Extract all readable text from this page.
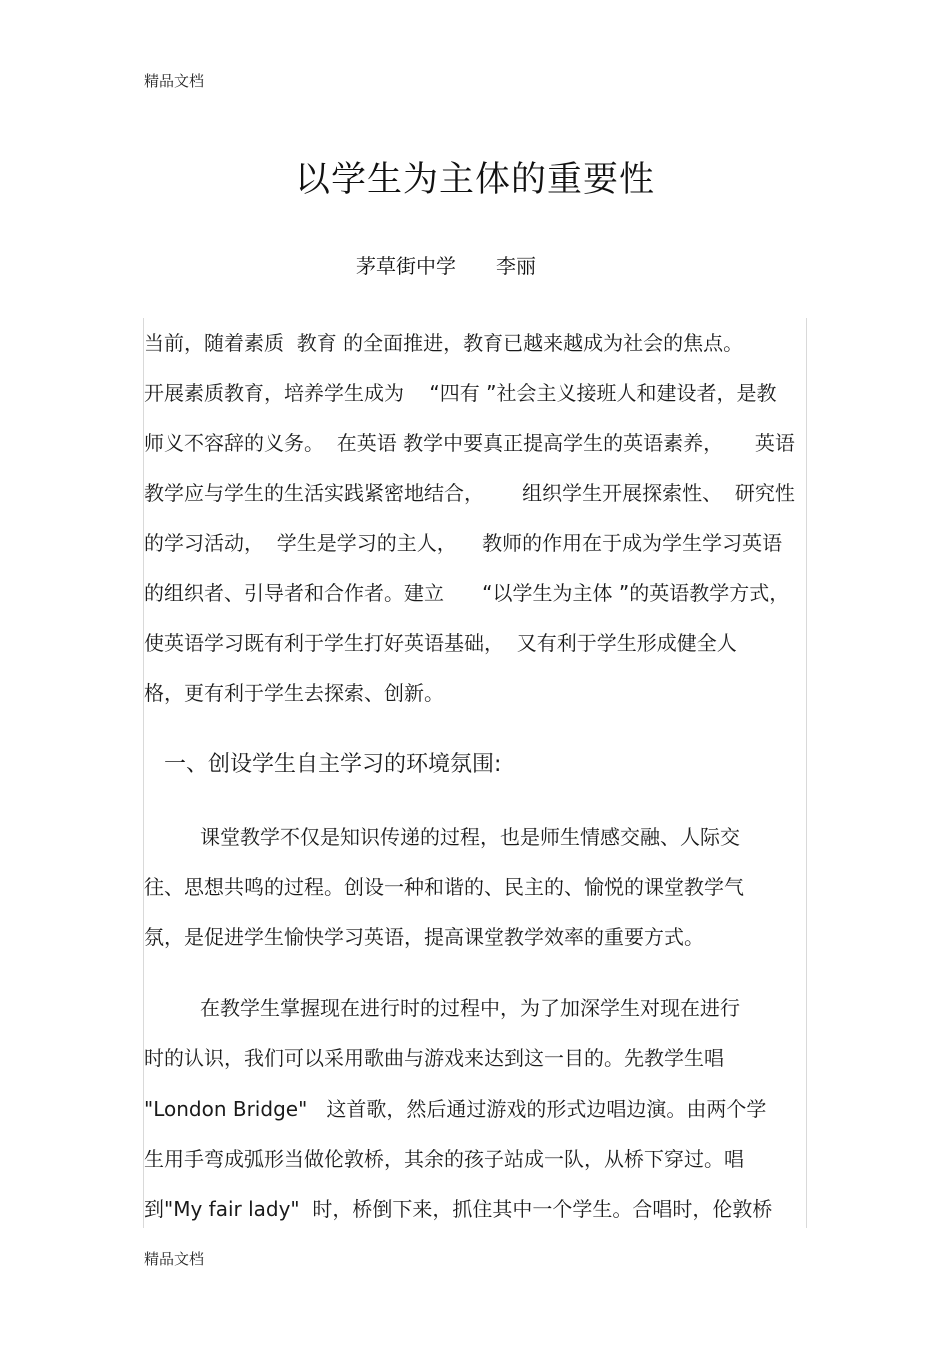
精品文档
以学生为主体的重要性
茅草街中学 李丽
当前，随着素质  教育 的全面推进，教育已越来越成为社会的焦点。
开展素质教育，培养学生成为    “四有 ”社会主义接班人和建设者，是教
师义不容辞的义务。  在英语 教学中要真正提高学生的英语素养，     英语
教学应与学生的生活实践紧密地结合，      组织学生开展探索性、  研究性
的学习活动，  学生是学习的主人，    教师的作用在于成为学生学习英语
的组织者、引导者和合作者。建立      “以学生为主体 ”的英语教学方式，
使英语学习既有利于学生打好英语基础，  又有利于学生形成健全人
格，更有利于学生去探索、创新。
一、创设学生自主学习的环境氛围:
课堂教学不仅是知识传递的过程，也是师生情感交融、人际交
往、思想共鸣的过程。创设一种和谐的、民主的、愉悦的课堂教学气
氛，是促进学生愉快学习英语，提高课堂教学效率的重要方式。
在教学生掌握现在进行时的过程中，为了加深学生对现在进行
时的认识，我们可以采用歌曲与游戏来达到这一目的。先教学生唱
"London Bridge"   这首歌，然后通过游戏的形式边唱边演。由两个学
生用手弯成弧形当做伦敦桥，其余的孩子站成一队，从桥下穿过。唱
到"My fair lady"  时，桥倒下来，抓住其中一个学生。合唱时，伦敦桥
精品文档
